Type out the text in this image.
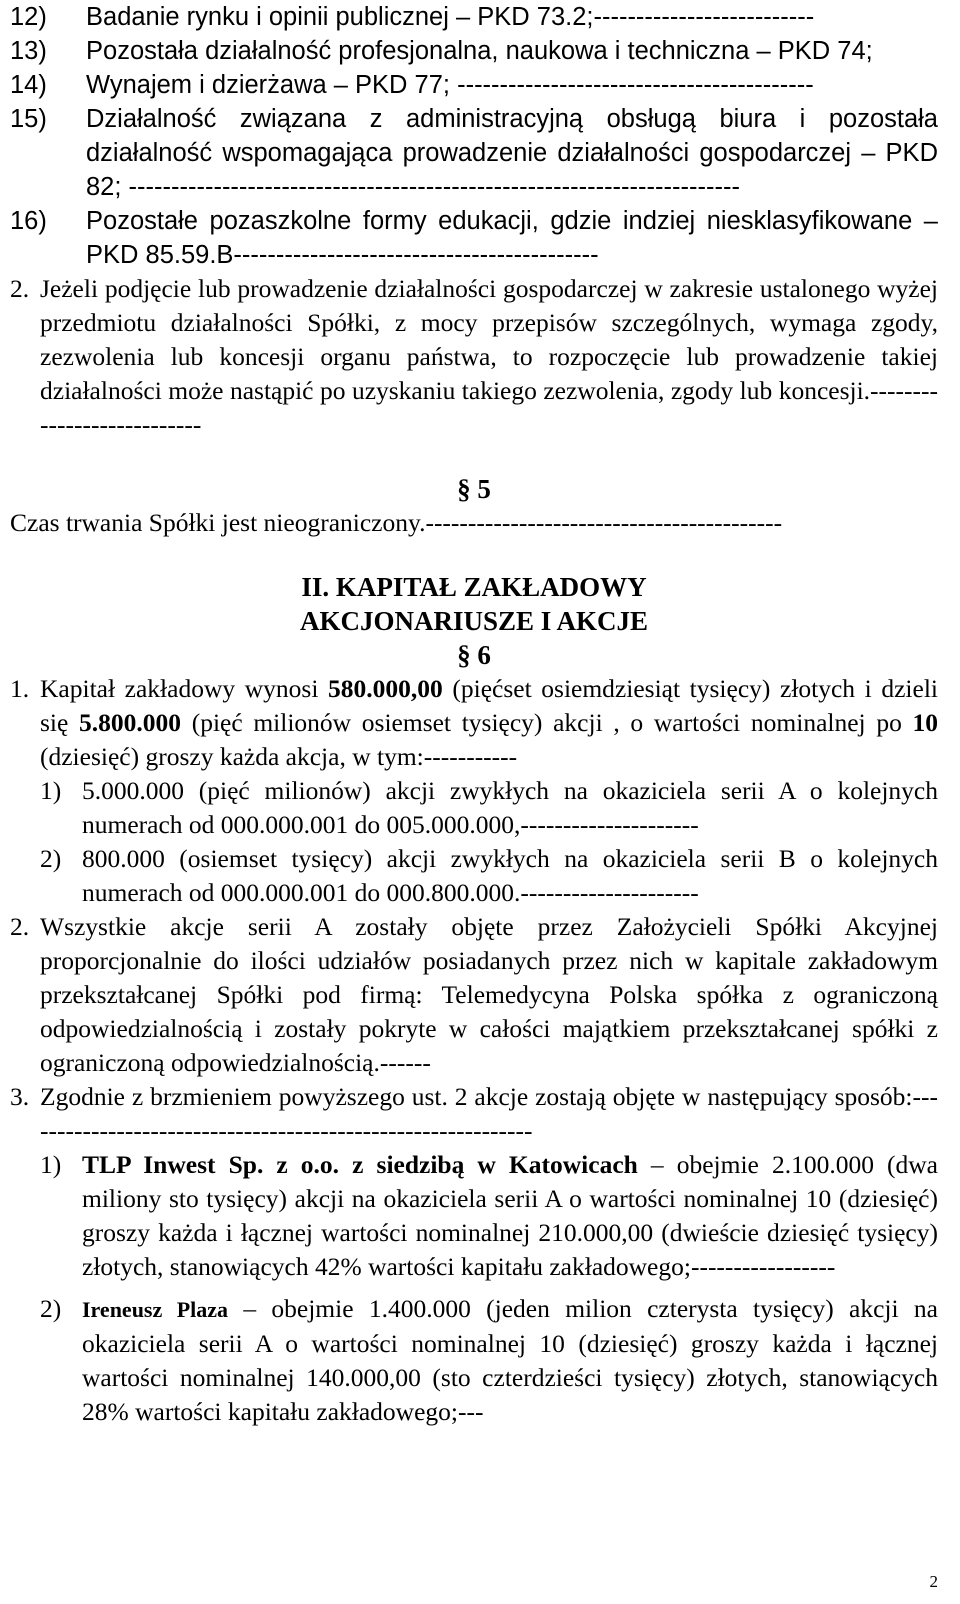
12)	Badanie rynku i opinii publicznej – PKD 73.2;--------------------------
13)	Pozostała działalność profesjonalna, naukowa i techniczna – PKD 74;
14)	Wynajem i dzierżawa – PKD 77; ------------------------------------------
15)	Działalność związana z administracyjną obsługą biura i pozostała działalność wspomagająca prowadzenie działalności gospodarczej – PKD 82; ------------------------------------------------------------------------
16)	Pozostałe pozaszkolne formy edukacji, gdzie indziej niesklasyfikowane – PKD 85.59.B-------------------------------------------
2. Jeżeli podjęcie lub prowadzenie działalności gospodarczej w zakresie ustalonego wyżej przedmiotu działalności Spółki, z mocy przepisów szczególnych, wymaga zgody, zezwolenia lub koncesji organu państwa, to rozpoczęcie lub prowadzenie takiej działalności może nastąpić po uzyskaniu takiego zezwolenia, zgody lub koncesji.---------------------------
§ 5
Czas trwania Spółki jest nieograniczony.------------------------------------------
II. KAPITAŁ ZAKŁADOWY
AKCJONARIUSZE I AKCJE
§ 6
1. Kapitał zakładowy wynosi 580.000,00 (pięćset osiemdziesiąt tysięcy) złotych i dzieli się 5.800.000 (pięć milionów osiemset tysięcy) akcji , o wartości nominalnej po 10 (dziesięć) groszy każda akcja, w tym:-----------
1) 5.000.000 (pięć milionów) akcji zwykłych na okaziciela serii A o kolejnych numerach od 000.000.001 do 005.000.000,---------------------
2) 800.000 (osiemset tysięcy) akcji zwykłych na okaziciela serii B o kolejnych numerach od 000.000.001 do 000.800.000.---------------------
2. Wszystkie akcje serii A zostały objęte przez Założycieli Spółki Akcyjnej proporcjonalnie do ilości udziałów posiadanych przez nich w kapitale zakładowym przekształcanej Spółki pod firmą: Telemedycyna Polska spółka z ograniczoną odpowiedzialnością i zostały pokryte w całości majątkiem przekształcanej spółki z ograniczoną odpowiedzialnością.------
3. Zgodnie z brzmieniem powyższego ust. 2 akcje zostają objęte w następujący sposób:-------------------------------------------------------------
1) TLP Inwest Sp. z o.o. z siedzibą w Katowicach – obejmie 2.100.000 (dwa miliony sto tysięcy) akcji na okaziciela serii A o wartości nominalnej 10 (dziesięć) groszy każda i łącznej wartości nominalnej 210.000,00 (dwieście dziesięć tysięcy) złotych, stanowiących 42% wartości kapitału zakładowego;-----------------
2) Ireneusz Plaza – obejmie 1.400.000 (jeden milion czterysta tysięcy) akcji na okaziciela serii A o wartości nominalnej 10 (dziesięć) groszy każda i łącznej wartości nominalnej 140.000,00 (sto czterdzieści tysięcy) złotych, stanowiących 28% wartości kapitału zakładowego;---
2
